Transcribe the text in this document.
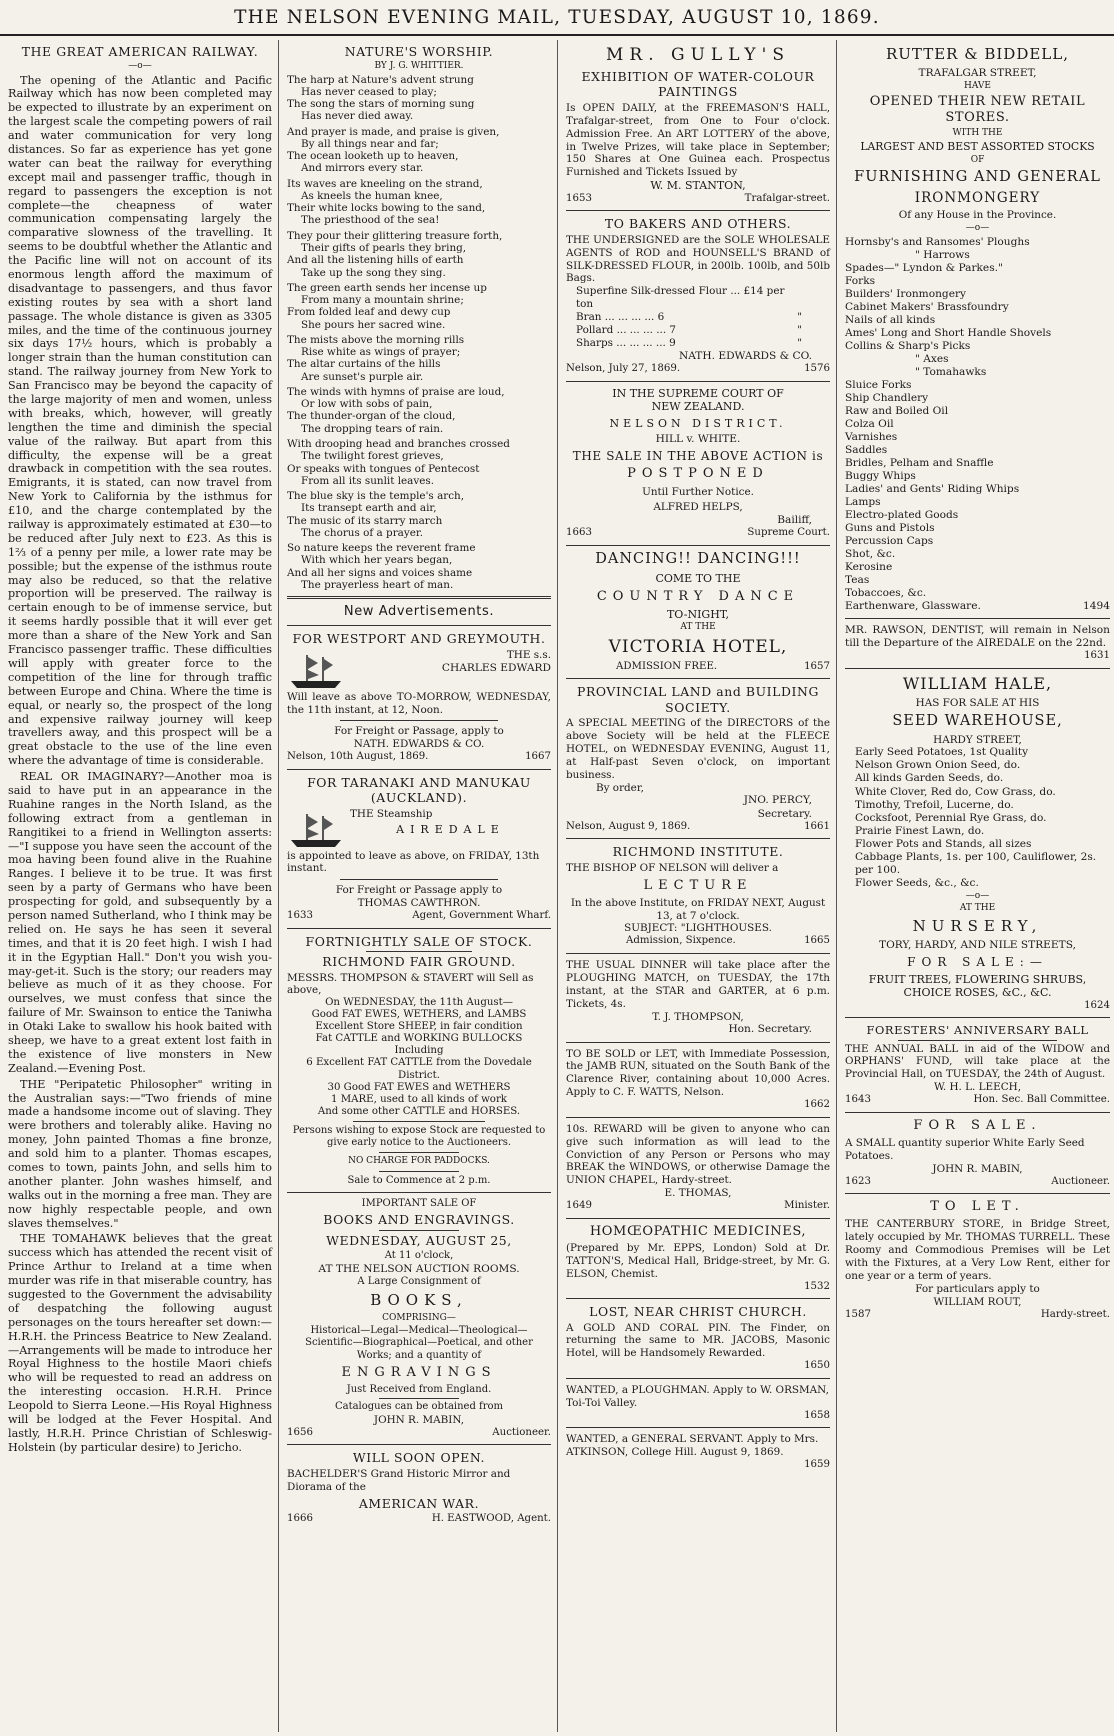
THE NELSON EVENING MAIL, TUESDAY, AUGUST 10, 1869.
THE GREAT AMERICAN RAILWAY.
—o—

The opening of the Atlantic and Pacific Railway which has now been completed may be expected to illustrate by an experiment on the largest scale the competing powers of rail and water communication for very long distances. So far as experience has yet gone water can beat the railway for everything except mail and passenger traffic, though in regard to passengers the exception is not complete—the cheapness of water communication compensating largely the comparative slowness of the travelling. It seems to be doubtful whether the Atlantic and the Pacific line will not on account of its enormous length afford the maximum of disadvantage to passengers, and thus favor existing routes by sea with a short land passage. The whole distance is given as 3305 miles, and the time of the continuous journey six days 17½ hours, which is probably a longer strain than the human constitution can stand. The railway journey from New York to San Francisco may be beyond the capacity of the large majority of men and women, unless with breaks, which, however, will greatly lengthen the time and diminish the special value of the railway. But apart from this difficulty, the expense will be a great drawback in competition with the sea routes. Emigrants, it is stated, can now travel from New York to California by the isthmus for £10, and the charge contemplated by the railway is approximately estimated at £30—to be reduced after July next to £23. As this is 1⅔ of a penny per mile, a lower rate may be possible; but the expense of the isthmus route may also be reduced, so that the relative proportion will be preserved. The railway is certain enough to be of immense service, but it seems hardly possible that it will ever get more than a share of the New York and San Francisco passenger traffic. These difficulties will apply with greater force to the competition of the line for through traffic between Europe and China. Where the time is equal, or nearly so, the prospect of the long and expensive railway journey will keep travellers away, and this prospect will be a great obstacle to the use of the line even where the advantage of time is considerable.

REAL OR IMAGINARY?—Another moa is said to have put in an appearance in the Ruahine ranges in the North Island, as the following extract from a gentleman in Rangitikei to a friend in Wellington asserts:—"I suppose you have seen the account of the moa having been found alive in the Ruahine Ranges. I believe it to be true. It was first seen by a party of Germans who have been prospecting for gold, and subsequently by a person named Sutherland, who I think may be relied on. He says he has seen it several times, and that it is 20 feet high. I wish I had it in the Egyptian Hall." Don't you wish you-may-get-it. Such is the story; our readers may believe as much of it as they choose. For ourselves, we must confess that since the failure of Mr. Swainson to entice the Taniwha in Otaki Lake to swallow his hook baited with sheep, we have to a great extent lost faith in the existence of live monsters in New Zealand.—Evening Post.

THE "Peripatetic Philosopher" writing in the Australian says:—"Two friends of mine made a handsome income out of slaving. They were brothers and tolerably alike. Having no money, John painted Thomas a fine bronze, and sold him to a planter. Thomas escapes, comes to town, paints John, and sells him to another planter. John washes himself, and walks out in the morning a free man. They are now highly respectable people, and own slaves themselves."

THE TOMAHAWK believes that the great success which has attended the recent visit of Prince Arthur to Ireland at a time when murder was rife in that miserable country, has suggested to the Government the advisability of despatching the following august personages on the tours hereafter set down:—H.R.H. the Princess Beatrice to New Zealand.—Arrangements will be made to introduce her Royal Highness to the hostile Maori chiefs who will be requested to read an address on the interesting occasion. H.R.H. Prince Leopold to Sierra Leone.—His Royal Highness will be lodged at the Fever Hospital. And lastly, H.R.H. Prince Christian of Schleswig-Holstein (by particular desire) to Jericho.

NATURE'S WORSHIP.
BY J. G. WHITTIER.
The harp at Nature's advent strung
Has never ceased to play;
The song the stars of morning sung
Has never died away.
And prayer is made, and praise is given,
By all things near and far;
The ocean looketh up to heaven,
And mirrors every star.
Its waves are kneeling on the strand,
As kneels the human knee,
Their white locks bowing to the sand,
The priesthood of the sea!
They pour their glittering treasure forth,
Their gifts of pearls they bring,
And all the listening hills of earth
Take up the song they sing.
The green earth sends her incense up
From many a mountain shrine;
From folded leaf and dewy cup
She pours her sacred wine.
The mists above the morning rills
Rise white as wings of prayer;
The altar curtains of the hills
Are sunset's purple air.
The winds with hymns of praise are loud,
Or low with sobs of pain,
The thunder-organ of the cloud,
The dropping tears of rain.
With drooping head and branches crossed
The twilight forest grieves,
Or speaks with tongues of Pentecost
From all its sunlit leaves.
The blue sky is the temple's arch,
Its transept earth and air,
The music of its starry march
The chorus of a prayer.
So nature keeps the reverent frame
With which her years began,
And all her signs and voices shame
The prayerless heart of man.
New Advertisements.
FOR WESTPORT AND GREYMOUTH.
THE s.s.
CHARLES EDWARD
Will leave as above TO-MORROW, WEDNESDAY, the 11th instant, at 12, Noon.
For Freight or Passage, apply to
NATH. EDWARDS & CO.
Nelson, 10th August, 1869.	1667
FOR TARANAKI AND MANUKAU (AUCKLAND).
THE Steamship
AIREDALE
is appointed to leave as above, on FRIDAY, 13th instant.
For Freight or Passage apply to
THOMAS CAWTHRON.
1633	Agent, Government Wharf.
FORTNIGHTLY SALE OF STOCK.
RICHMOND FAIR GROUND.
MESSRS. THOMPSON & STAVERT will Sell as above,
On WEDNESDAY, the 11th August—
Good FAT EWES, WETHERS, and LAMBS
Excellent Store SHEEP, in fair condition
Fat CATTLE and WORKING BULLOCKS
Including
6 Excellent FAT CATTLE from the Dovedale District.
30 Good FAT EWES and WETHERS
1 MARE, used to all kinds of work
And some other CATTLE and HORSES.
Persons wishing to expose Stock are requested to give early notice to the Auctioneers.
NO CHARGE FOR PADDOCKS.
Sale to Commence at 2 p.m.
IMPORTANT SALE OF
BOOKS AND ENGRAVINGS.
WEDNESDAY, AUGUST 25,
At 11 o'clock,
AT THE NELSON AUCTION ROOMS.
A Large Consignment of
BOOKS,
COMPRISING—
Historical—Legal—Medical—Theological—Scientific—Biographical—Poetical, and other Works; and a quantity of
ENGRAVINGS
Just Received from England.
Catalogues can be obtained from
JOHN R. MABIN,
1656	Auctioneer.
WILL SOON OPEN.
BACHELDER'S Grand Historic Mirror and Diorama of the
AMERICAN WAR.
1666	H. EASTWOOD, Agent.
MR. GULLY'S
EXHIBITION OF WATER-COLOUR PAINTINGS
Is OPEN DAILY, at the FREEMASON'S HALL, Trafalgar-street, from One to Four o'clock. Admission Free. An ART LOTTERY of the above, in Twelve Prizes, will take place in September; 150 Shares at One Guinea each. Prospectus Furnished and Tickets Issued by
W. M. STANTON,
1653	Trafalgar-street.
TO BAKERS AND OTHERS.
THE UNDERSIGNED are the SOLE WHOLESALE AGENTS of ROD and HOUNSELL'S BRAND of SILK-DRESSED FLOUR, in 200lb. 100lb, and 50lb Bags.
Superfine Silk-dressed Flour ... £14 per ton
Bran ... ... ... ... 6	"
Pollard ... ... ... ... 7	"
Sharps ... ... ... ... 9	"
NATH. EDWARDS & CO.
Nelson, July 27, 1869.	1576
IN THE SUPREME COURT OF
NEW ZEALAND.
NELSON DISTRICT.
HILL v. WHITE.
THE SALE IN THE ABOVE ACTION is
POSTPONED
Until Further Notice.
ALFRED HELPS,
Bailiff,
1663	Supreme Court.
DANCING!! DANCING!!!
COME TO THE
COUNTRY DANCE
TO-NIGHT,
AT THE
VICTORIA HOTEL,
ADMISSION FREE.	1657
PROVINCIAL LAND and BUILDING SOCIETY.
A SPECIAL MEETING of the DIRECTORS of the above Society will be held at the FLEECE HOTEL, on WEDNESDAY EVENING, August 11, at Half-past Seven o'clock, on important business.
By order,
JNO. PERCY,
Secretary.
Nelson, August 9, 1869.	1661
RICHMOND INSTITUTE.
THE BISHOP OF NELSON will deliver a
LECTURE
In the above Institute, on FRIDAY NEXT, August 13, at 7 o'clock.
SUBJECT: "LIGHTHOUSES.
Admission, Sixpence.	1665
THE USUAL DINNER will take place after the PLOUGHING MATCH, on TUESDAY, the 17th instant, at the STAR and GARTER, at 6 p.m. Tickets, 4s.
T. J. THOMPSON,
Hon. Secretary.
TO BE SOLD or LET, with Immediate Possession, the JAMB RUN, situated on the South Bank of the Clarence River, containing about 10,000 Acres. Apply to C. F. WATTS, Nelson.
1662
10s. REWARD will be given to anyone who can give such information as will lead to the Conviction of any Person or Persons who may BREAK the WINDOWS, or otherwise Damage the UNION CHAPEL, Hardy-street.
E. THOMAS,
1649	Minister.
HOMŒOPATHIC MEDICINES,
(Prepared by Mr. EPPS, London) Sold at Dr. TATTON'S, Medical Hall, Bridge-street, by Mr. G. ELSON, Chemist.
1532
LOST, NEAR CHRIST CHURCH.
A GOLD AND CORAL PIN. The Finder, on returning the same to MR. JACOBS, Masonic Hotel, will be Handsomely Rewarded.
1650
WANTED, a PLOUGHMAN. Apply to W. ORSMAN, Toi-Toi Valley.
1658
WANTED, a GENERAL SERVANT. Apply to Mrs. ATKINSON, College Hill. August 9, 1869.
1659
RUTTER & BIDDELL,
TRAFALGAR STREET,
HAVE
OPENED THEIR NEW RETAIL STORES.
WITH THE
LARGEST AND BEST ASSORTED STOCKS
OF
FURNISHING AND GENERAL
IRONMONGERY
Of any House in the Province.
—o—
Hornsby's and Ransomes' Ploughs
" Harrows
Spades—" Lyndon & Parkes."
Forks
Builders' Ironmongery
Cabinet Makers' Brassfoundry
Nails of all kinds
Ames' Long and Short Handle Shovels
Collins & Sharp's Picks
" Axes
" Tomahawks
Sluice Forks
Ship Chandlery
Raw and Boiled Oil
Colza Oil
Varnishes
Saddles
Bridles, Pelham and Snaffle
Buggy Whips
Ladies' and Gents' Riding Whips
Lamps
Electro-plated Goods
Guns and Pistols
Percussion Caps
Shot, &c.
Kerosine
Teas
Tobaccoes, &c.
Earthenware, Glassware.	1494
MR. RAWSON, DENTIST, will remain in Nelson till the Departure of the AIREDALE on the 22nd.
1631
WILLIAM HALE,
HAS FOR SALE AT HIS
SEED WAREHOUSE,
HARDY STREET,
Early Seed Potatoes, 1st Quality
Nelson Grown Onion Seed, do.
All kinds Garden Seeds, do.
White Clover, Red do, Cow Grass, do.
Timothy, Trefoil, Lucerne, do.
Cocksfoot, Perennial Rye Grass, do.
Prairie Finest Lawn, do.
Flower Pots and Stands, all sizes
Cabbage Plants, 1s. per 100, Cauliflower, 2s. per 100.
Flower Seeds, &c., &c.
—o—
AT THE
NURSERY,
TORY, HARDY, AND NILE STREETS,
FOR SALE:—
FRUIT TREES, FLOWERING SHRUBS,
CHOICE ROSES, &C., &C.
1624
FORESTERS' ANNIVERSARY BALL
THE ANNUAL BALL in aid of the WIDOW and ORPHANS' FUND, will take place at the Provincial Hall, on TUESDAY, the 24th of August.
W. H. L. LEECH,
1643	Hon. Sec. Ball Committee.
FOR SALE.
A SMALL quantity superior White Early Seed Potatoes.
JOHN R. MABIN,
1623	Auctioneer.
TO LET.
THE CANTERBURY STORE, in Bridge Street, lately occupied by Mr. THOMAS TURRELL. These Roomy and Commodious Premises will be Let with the Fixtures, at a Very Low Rent, either for one year or a term of years.
For particulars apply to
WILLIAM ROUT,
1587	Hardy-street.
